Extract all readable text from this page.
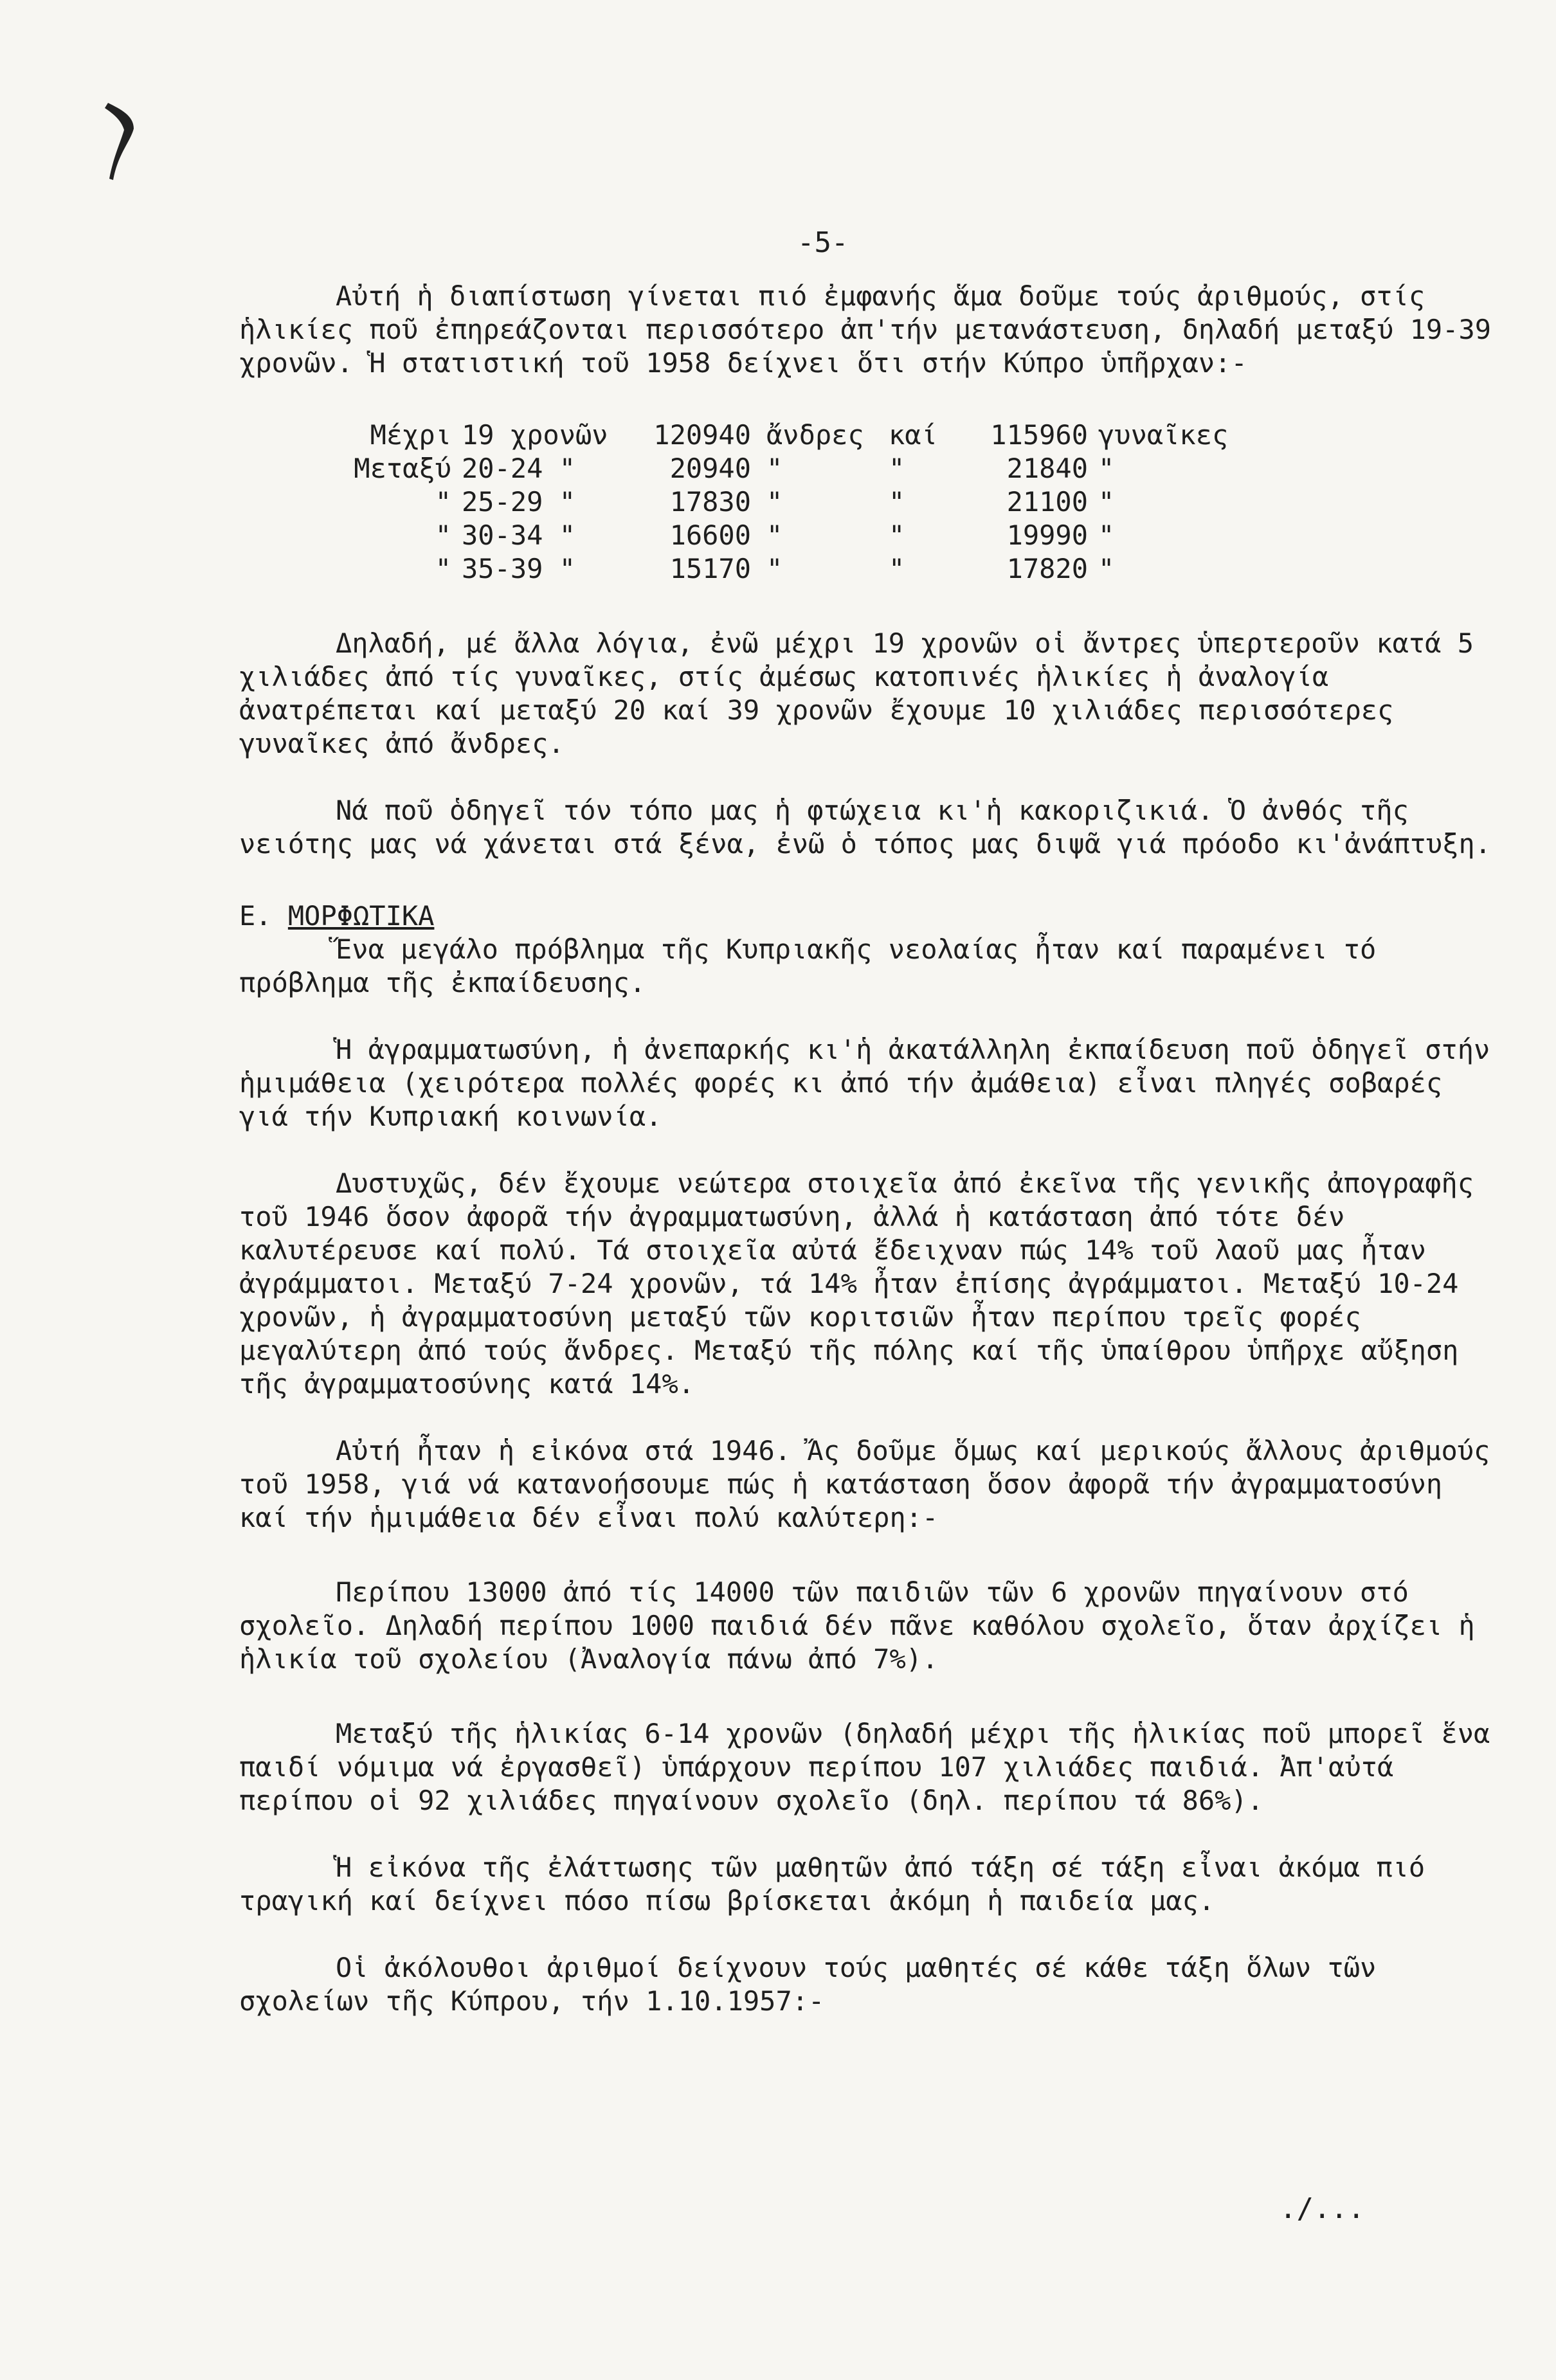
-5-

Αὐτή ἡ διαπίστωση γίνεται πιό ἐμφανής ἅμα δοῦμε τούς ἀριθμούς, στίς ἡλικίες ποῦ ἐπηρεάζονται περισσότερο ἀπ'τήν μετανάστευση, δηλαδή μεταξύ 19-39 χρονῶν. Ἡ στατιστική τοῦ 1958 δείχνει ὅτι στήν Κύπρο ὑπῆρχαν:-

Μέχρι	19 χρονῶν	120940	ἄνδρες	καί	115960	γυναῖκες
Μεταξύ	20-24 "	20940	"	"	21840	"
"	25-29 "	17830	"	"	21100	"
"	30-34 "	16600	"	"	19990	"
"	35-39 "	15170	"	"	17820	"

Δηλαδή, μέ ἄλλα λόγια, ἐνῶ μέχρι 19 χρονῶν οἱ ἄντρες ὑπερτεροῦν κατά 5 χιλιάδες ἀπό τίς γυναῖκες, στίς ἀμέσως κατοπινές ἡλικίες ἡ ἀναλογία ἀνατρέπεται καί μεταξύ 20 καί 39 χρονῶν ἔχουμε 10 χιλιάδες περισσότερες γυναῖκες ἀπό ἄνδρες.

Νά ποῦ ὁδηγεῖ τόν τόπο μας ἡ φτώχεια κι'ἡ κακοριζικιά. Ὁ ἀνθός τῆς νειότης μας νά χάνεται στά ξένα, ἐνῶ ὁ τόπος μας διψᾶ γιά πρόοδο κι'ἀνάπτυξη.

Ε. ΜΟΡΦΩΤΙΚΑ

Ἕνα μεγάλο πρόβλημα τῆς Κυπριακῆς νεολαίας ἦταν καί παραμένει τό πρόβλημα τῆς ἐκπαίδευσης.

Ἡ ἀγραμματωσύνη, ἡ ἀνεπαρκής κι'ἡ ἀκατάλληλη ἐκπαίδευση ποῦ ὁδηγεῖ στήν ἡμιμάθεια (χειρότερα πολλές φορές κι ἀπό τήν ἀμάθεια) εἶναι πληγές σοβαρές γιά τήν Κυπριακή κοινωνία.

Δυστυχῶς, δέν ἔχουμε νεώτερα στοιχεῖα ἀπό ἐκεῖνα τῆς γενικῆς ἀπογραφῆς τοῦ 1946 ὅσον ἀφορᾶ τήν ἀγραμματωσύνη, ἀλλά ἡ κατάσταση ἀπό τότε δέν καλυτέρευσε καί πολύ. Τά στοιχεῖα αὐτά ἔδειχναν πώς 14% τοῦ λαοῦ μας ἦταν ἀγράμματοι. Μεταξύ 7-24 χρονῶν, τά 14% ἦταν ἐπίσης ἀγράμματοι. Μεταξύ 10-24 χρονῶν, ἡ ἀγραμματοσύνη μεταξύ τῶν κοριτσιῶν ἦταν περίπου τρεῖς φορές μεγαλύτερη ἀπό τούς ἄνδρες. Μεταξύ τῆς πόλης καί τῆς ὑπαίθρου ὑπῆρχε αὔξηση τῆς ἀγραμματοσύνης κατά 14%.

Αὐτή ἦταν ἡ εἰκόνα στά 1946. Ἄς δοῦμε ὅμως καί μερικούς ἄλλους ἀριθμούς τοῦ 1958, γιά νά κατανοήσουμε πώς ἡ κατάσταση ὅσον ἀφορᾶ τήν ἀγραμματοσύνη καί τήν ἡμιμάθεια δέν εἶναι πολύ καλύτερη:-

Περίπου 13000 ἀπό τίς 14000 τῶν παιδιῶν τῶν 6 χρονῶν πηγαίνουν στό σχολεῖο. Δηλαδή περίπου 1000 παιδιά δέν πᾶνε καθόλου σχολεῖο, ὅταν ἀρχίζει ἡ ἡλικία τοῦ σχολείου (Ἀναλογία πάνω ἀπό 7%).

Μεταξύ τῆς ἡλικίας 6-14 χρονῶν (δηλαδή μέχρι τῆς ἡλικίας ποῦ μπορεῖ ἕνα παιδί νόμιμα νά ἐργασθεῖ) ὑπάρχουν περίπου 107 χιλιάδες παιδιά. Ἀπ'αὐτά περίπου οἱ 92 χιλιάδες πηγαίνουν σχολεῖο (δηλ. περίπου τά 86%).

Ἡ εἰκόνα τῆς ἐλάττωσης τῶν μαθητῶν ἀπό τάξη σέ τάξη εἶναι ἀκόμα πιό τραγική καί δείχνει πόσο πίσω βρίσκεται ἀκόμη ἡ παιδεία μας.

Οἱ ἀκόλουθοι ἀριθμοί δείχνουν τούς μαθητές σέ κάθε τάξη ὅλων τῶν σχολείων τῆς Κύπρου, τήν 1.10.1957:-

./...
